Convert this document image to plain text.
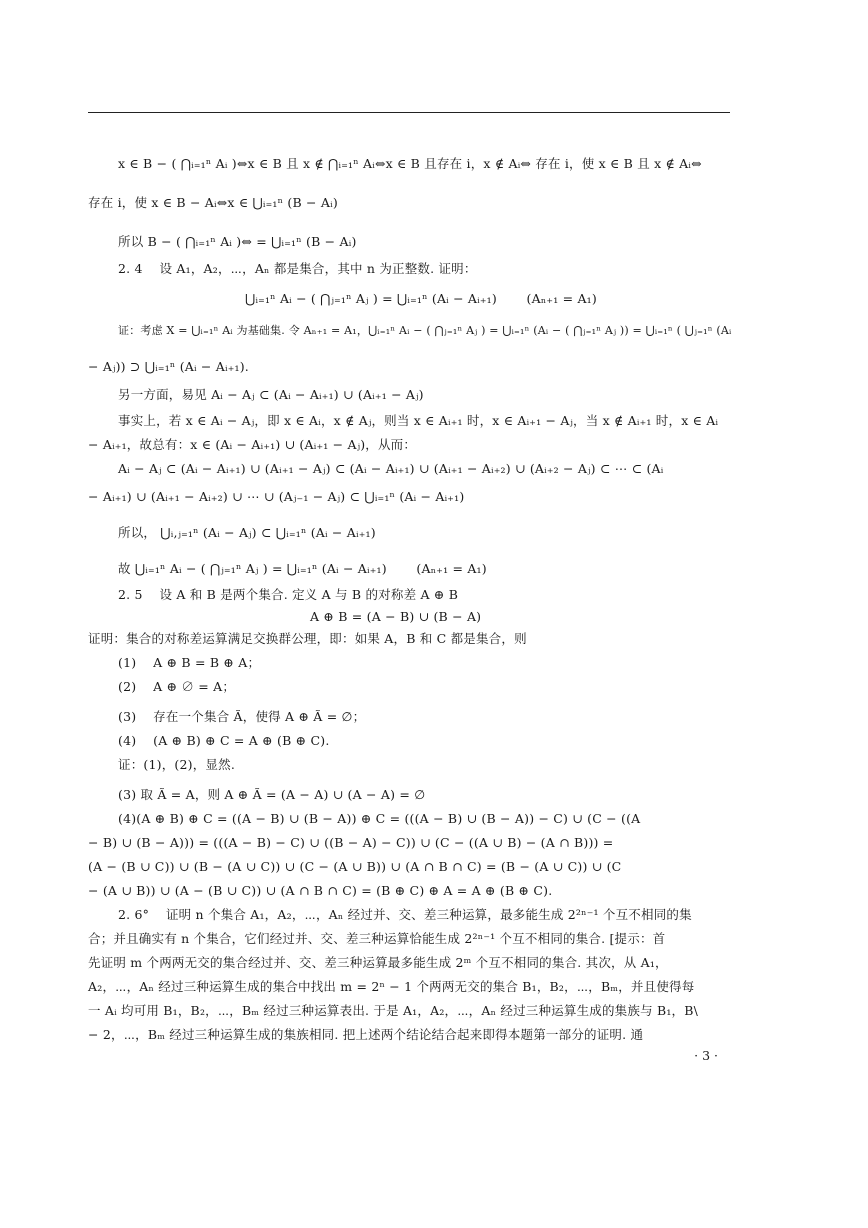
x ∈ B − ( ⋂ᵢ₌₁ⁿ Aᵢ )⇔x ∈ B 且 x ∉ ⋂ᵢ₌₁ⁿ Aᵢ⇔x ∈ B 且存在 i，x ∉ Aᵢ⇔ 存在 i，使 x ∈ B 且 x ∉ Aᵢ⇔
存在 i，使 x ∈ B − Aᵢ⇔x ∈ ⋃ᵢ₌₁ⁿ (B − Aᵢ)
所以 B − ( ⋂ᵢ₌₁ⁿ Aᵢ )⇔ = ⋃ᵢ₌₁ⁿ (B − Aᵢ)
2. 4　 设 A₁，A₂，⋯，Aₙ 都是集合，其中 n 为正整数. 证明：
⋃ᵢ₌₁ⁿ Aᵢ − ( ⋂ⱼ₌₁ⁿ Aⱼ ) = ⋃ᵢ₌₁ⁿ (Aᵢ − Aᵢ₊₁)　　 (Aₙ₊₁ = A₁)
证：考虑 X = ⋃ᵢ₌₁ⁿ Aᵢ 为基础集. 令 Aₙ₊₁ = A₁，⋃ᵢ₌₁ⁿ Aᵢ − ( ⋂ⱼ₌₁ⁿ Aⱼ ) = ⋃ᵢ₌₁ⁿ (Aᵢ − ( ⋂ⱼ₌₁ⁿ Aⱼ )) = ⋃ᵢ₌₁ⁿ ( ⋃ⱼ₌₁ⁿ (Aᵢ
− Aⱼ)) ⊃ ⋃ᵢ₌₁ⁿ (Aᵢ − Aᵢ₊₁).
另一方面，易见 Aᵢ − Aⱼ ⊂ (Aᵢ − Aᵢ₊₁) ∪ (Aᵢ₊₁ − Aⱼ)
事实上，若 x ∈ Aᵢ − Aⱼ，即 x ∈ Aᵢ，x ∉ Aⱼ，则当 x ∈ Aᵢ₊₁ 时，x ∈ Aᵢ₊₁ − Aⱼ，当 x ∉ Aᵢ₊₁ 时，x ∈ Aᵢ
− Aᵢ₊₁，故总有：x ∈ (Aᵢ − Aᵢ₊₁) ∪ (Aᵢ₊₁ − Aⱼ)，从而：
Aᵢ − Aⱼ ⊂ (Aᵢ − Aᵢ₊₁) ∪ (Aᵢ₊₁ − Aⱼ) ⊂ (Aᵢ − Aᵢ₊₁) ∪ (Aᵢ₊₁ − Aᵢ₊₂) ∪ (Aᵢ₊₂ − Aⱼ) ⊂ ⋯ ⊂ (Aᵢ
− Aᵢ₊₁) ∪ (Aᵢ₊₁ − Aᵢ₊₂) ∪ ⋯ ∪ (Aⱼ₋₁ − Aⱼ) ⊂ ⋃ᵢ₌₁ⁿ (Aᵢ − Aᵢ₊₁)
所以， ⋃ᵢ,ⱼ₌₁ⁿ (Aᵢ − Aⱼ) ⊂ ⋃ᵢ₌₁ⁿ (Aᵢ − Aᵢ₊₁)
故 ⋃ᵢ₌₁ⁿ Aᵢ − ( ⋂ⱼ₌₁ⁿ Aⱼ ) = ⋃ᵢ₌₁ⁿ (Aᵢ − Aᵢ₊₁)　　 (Aₙ₊₁ = A₁)
2. 5　 设 A 和 B 是两个集合. 定义 A 与 B 的对称差 A ⊕ B
A ⊕ B = (A − B) ∪ (B − A)
证明：集合的对称差运算满足交换群公理，即：如果 A，B 和 C 都是集合，则
(1)　 A ⊕ B = B ⊕ A；
(2)　 A ⊕ ∅ = A；
(3)　 存在一个集合 Ã，使得 A ⊕ Ã = ∅；
(4)　 (A ⊕ B) ⊕ C = A ⊕ (B ⊕ C).
证：(1)，(2)，显然.
(3) 取 Ã = A，则 A ⊕ Ã = (A − A) ∪ (A − A) = ∅
(4)(A ⊕ B) ⊕ C = ((A − B) ∪ (B − A)) ⊕ C = (((A − B) ∪ (B − A)) − C) ∪ (C − ((A
− B) ∪ (B − A))) = (((A − B) − C) ∪ ((B − A) − C)) ∪ (C − ((A ∪ B) − (A ∩ B))) =
(A − (B ∪ C)) ∪ (B − (A ∪ C)) ∪ (C − (A ∪ B)) ∪ (A ∩ B ∩ C) = (B − (A ∪ C)) ∪ (C
− (A ∪ B)) ∪ (A − (B ∪ C)) ∪ (A ∩ B ∩ C) = (B ⊕ C) ⊕ A = A ⊕ (B ⊕ C).
2. 6°　 证明 n 个集合 A₁，A₂，⋯，Aₙ 经过并、交、差三种运算，最多能生成 2²ⁿ⁻¹ 个互不相同的集
合；并且确实有 n 个集合，它们经过并、交、差三种运算恰能生成 2²ⁿ⁻¹ 个互不相同的集合. [提示：首
先证明 m 个两两无交的集合经过并、交、差三种运算最多能生成 2ᵐ 个互不相同的集合. 其次，从 A₁，
A₂，⋯，Aₙ 经过三种运算生成的集合中找出 m = 2ⁿ − 1 个两两无交的集合 B₁，B₂，⋯，Bₘ，并且使得每
一 Aᵢ 均可用 B₁，B₂，⋯，Bₘ 经过三种运算表出. 于是 A₁，A₂，⋯，Aₙ 经过三种运算生成的集族与 B₁，B\
− 2，⋯，Bₘ 经过三种运算生成的集族相同. 把上述两个结论结合起来即得本题第一部分的证明. 通
· 3 ·
